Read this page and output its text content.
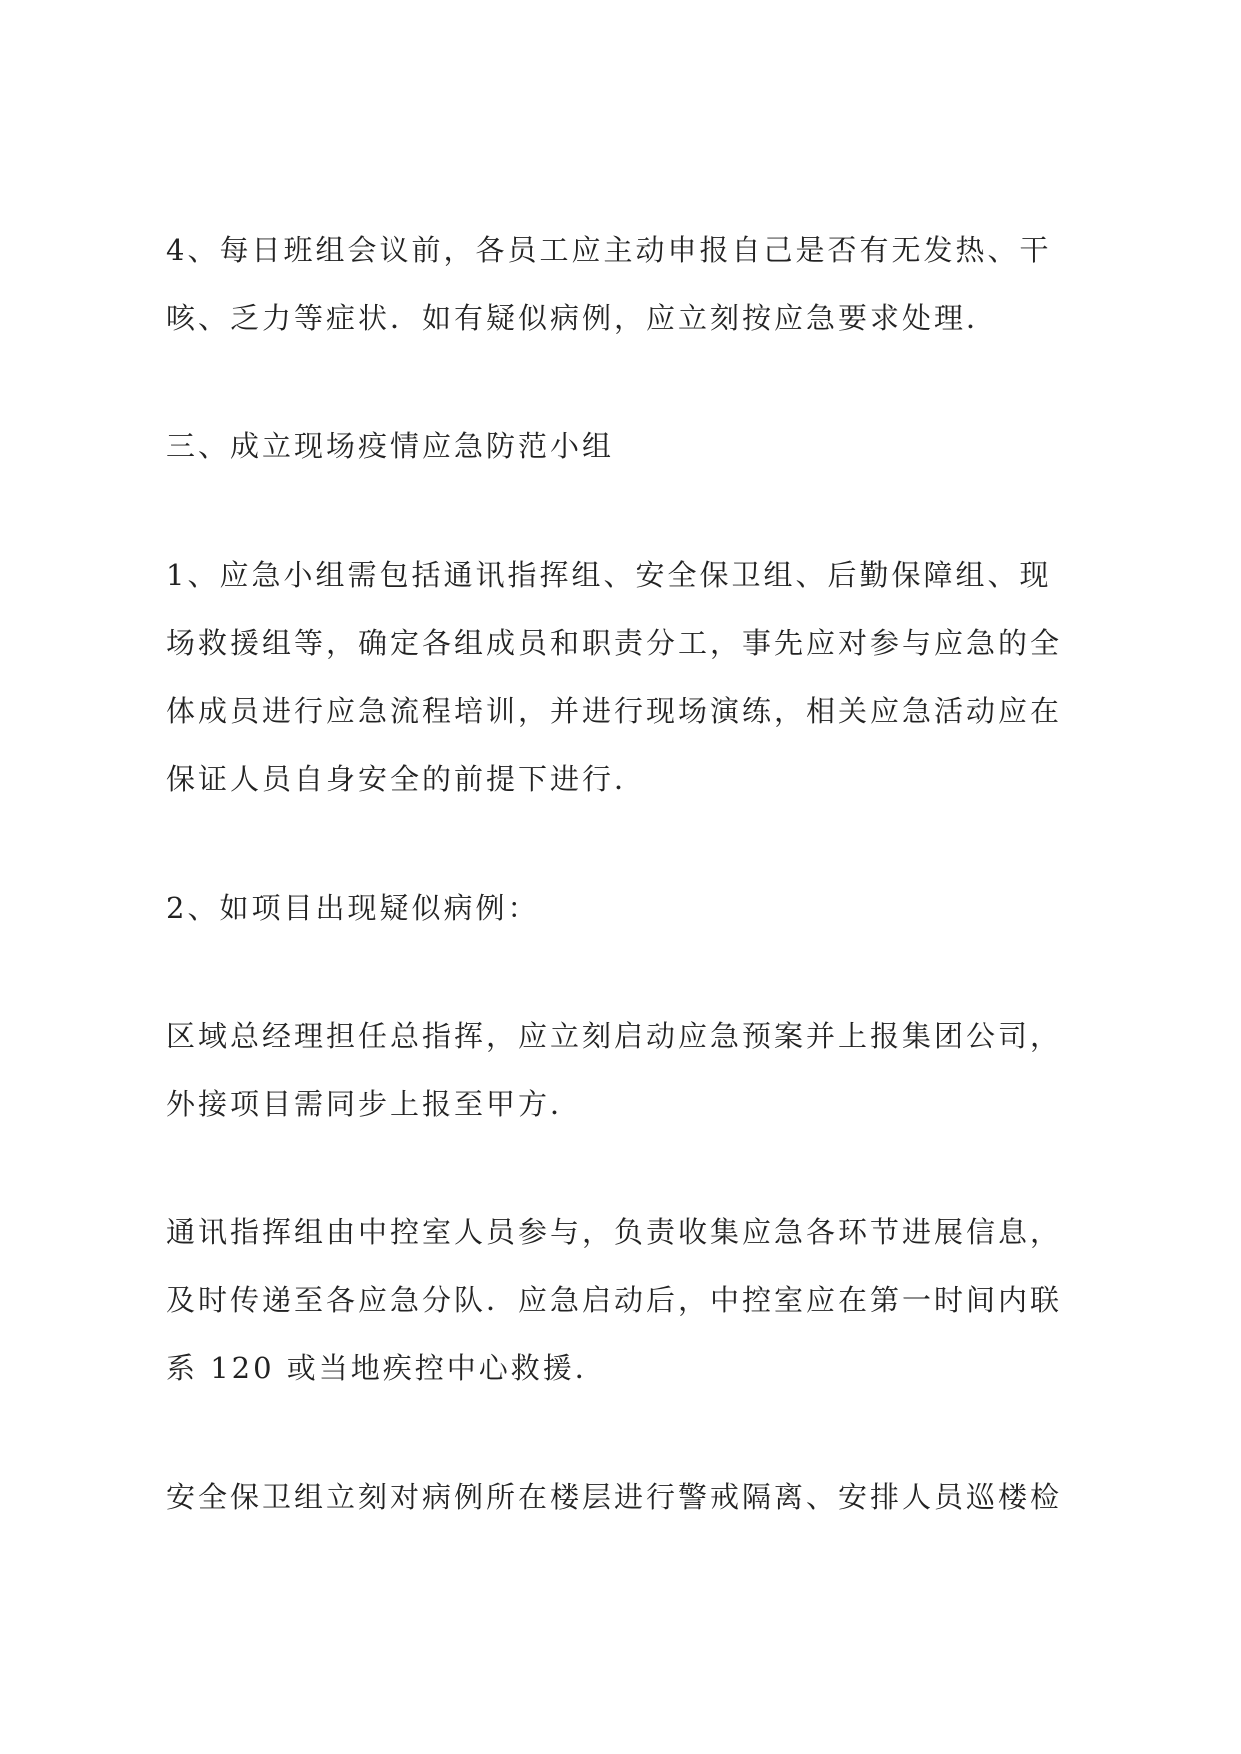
4、每日班组会议前，各员工应主动申报自己是否有无发热、干
咳、乏力等症状．如有疑似病例，应立刻按应急要求处理．
三、成立现场疫情应急防范小组
1、应急小组需包括通讯指挥组、安全保卫组、后勤保障组、现
场救援组等，确定各组成员和职责分工，事先应对参与应急的全
体成员进行应急流程培训，并进行现场演练，相关应急活动应在
保证人员自身安全的前提下进行．
2、如项目出现疑似病例：
区域总经理担任总指挥，应立刻启动应急预案并上报集团公司，
外接项目需同步上报至甲方．
通讯指挥组由中控室人员参与，负责收集应急各环节进展信息，
及时传递至各应急分队．应急启动后，中控室应在第一时间内联
系 120 或当地疾控中心救援．
安全保卫组立刻对病例所在楼层进行警戒隔离、安排人员巡楼检
